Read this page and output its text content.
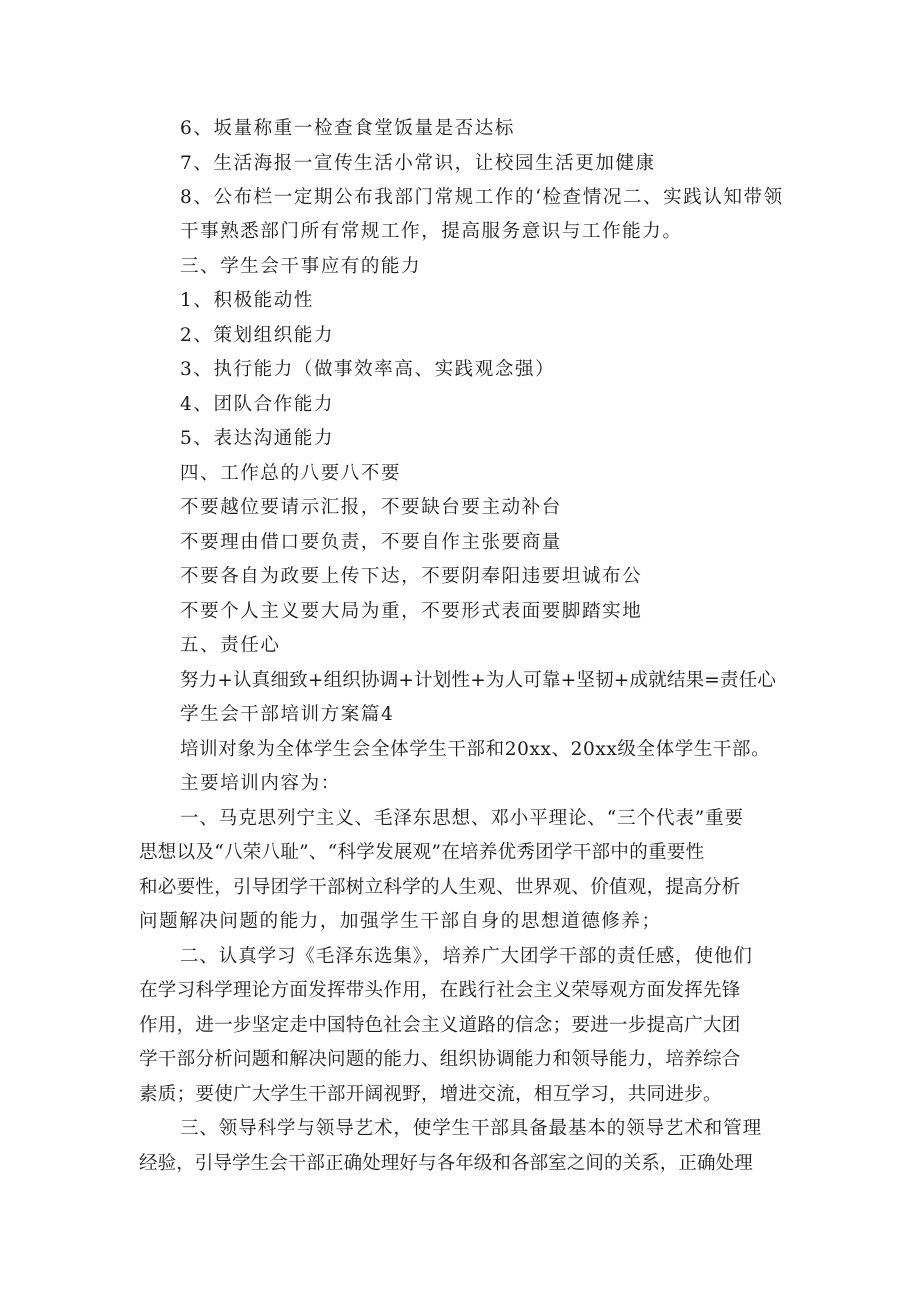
6、坂量称重一检查食堂饭量是否达标
7、生活海报一宣传生活小常识，让校园生活更加健康
8、公布栏一定期公布我部门常规工作的‘检查情况二、实践认知带领
干事熟悉部门所有常规工作，提高服务意识与工作能力。
三、学生会干事应有的能力
1、积极能动性
2、策划组织能力
3、执行能力（做事效率高、实践观念强）
4、团队合作能力
5、表达沟通能力
四、工作总的八要八不要
不要越位要请示汇报，不要缺台要主动补台
不要理由借口要负责，不要自作主张要商量
不要各自为政要上传下达，不要阴奉阳违要坦诚布公
不要个人主义要大局为重，不要形式表面要脚踏实地
五、责任心
努力+认真细致+组织协调+计划性+为人可靠+坚韧+成就结果=责任心
学生会干部培训方案篇4
培训对象为全体学生会全体学生干部和20xx、20xx级全体学生干部。
主要培训内容为：
一、马克思列宁主义、毛泽东思想、邓小平理论、“三个代表”重要
思想以及“八荣八耻”、“科学发展观”在培养优秀团学干部中的重要性
和必要性，引导团学干部树立科学的人生观、世界观、价值观，提高分析
问题解决问题的能力，加强学生干部自身的思想道德修养；
二、认真学习《毛泽东选集》，培养广大团学干部的责任感，使他们
在学习科学理论方面发挥带头作用，在践行社会主义荣辱观方面发挥先锋
作用，进一步坚定走中国特色社会主义道路的信念；要进一步提高广大团
学干部分析问题和解决问题的能力、组织协调能力和领导能力，培养综合
素质；要使广大学生干部开阔视野，增进交流，相互学习，共同进步。
三、领导科学与领导艺术，使学生干部具备最基本的领导艺术和管理
经验，引导学生会干部正确处理好与各年级和各部室之间的关系，正确处理
